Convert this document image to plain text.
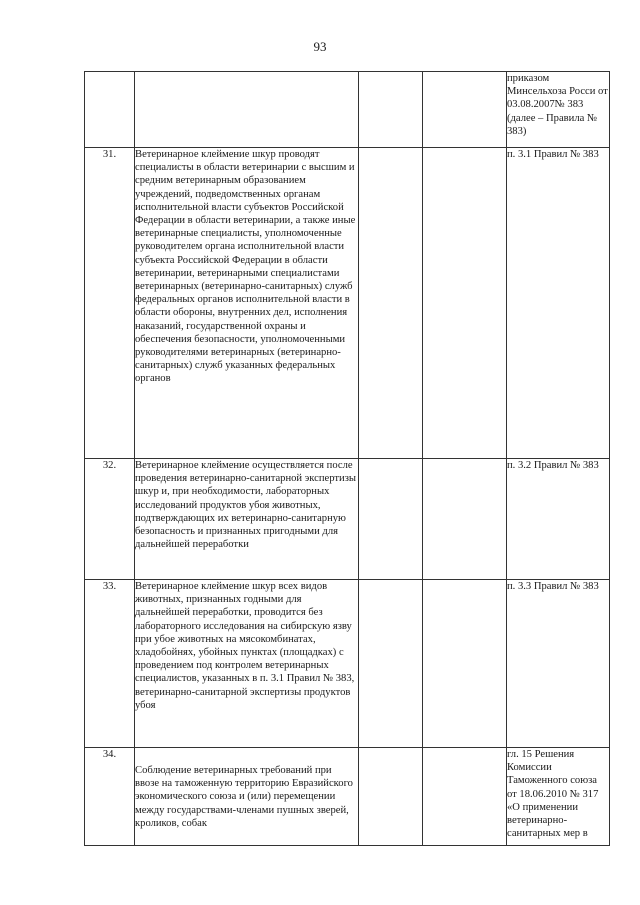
93
				приказом Минсельхоза Росси от 03.08.2007№ 383 (далее – Правила № 383)
31.	Ветеринарное клеймение шкур проводят специалисты в области ветеринарии с высшим и средним ветеринарным образованием учреждений, подведомственных органам исполнительной власти субъектов Российской Федерации в области ветеринарии, а также иные ветеринарные специалисты, уполномоченные руководителем органа исполнительной власти субъекта Российской Федерации в области ветеринарии, ветеринарными специалистами ветеринарных (ветеринарно-санитарных) служб федеральных органов исполнительной власти в области обороны, внутренних дел, исполнения наказаний, государственной охраны и обеспечения безопасности, уполномоченными руководителями ветеринарных (ветеринарно-санитарных) служб указанных федеральных органов			п. 3.1 Правил № 383
32.	Ветеринарное клеймение осуществляется после проведения ветеринарно-санитарной экспертизы шкур и, при необходимости, лабораторных исследований продуктов убоя животных, подтверждающих их ветеринарно-санитарную безопасность и признанных пригодными для дальнейшей переработки			п. 3.2 Правил № 383
33.	Ветеринарное клеймение шкур всех видов животных, признанных годными для дальнейшей переработки, проводится без лабораторного исследования на сибирскую язву при убое животных на мясокомбинатах, хладобойнях, убойных пунктах (площадках) с проведением под контролем ветеринарных специалистов, указанных в п. 3.1 Правил № 383, ветеринарно-санитарной экспертизы продуктов убоя			п. 3.3 Правил № 383
34.	Соблюдение ветеринарных требований при ввозе на таможенную территорию Евразийского экономического союза и (или) перемещении между государствами-членами пушных зверей, кроликов, собак			гл. 15 Решения Комиссии Таможенного союза от 18.06.2010 № 317 «О применении ветеринарно-санитарных мер в
